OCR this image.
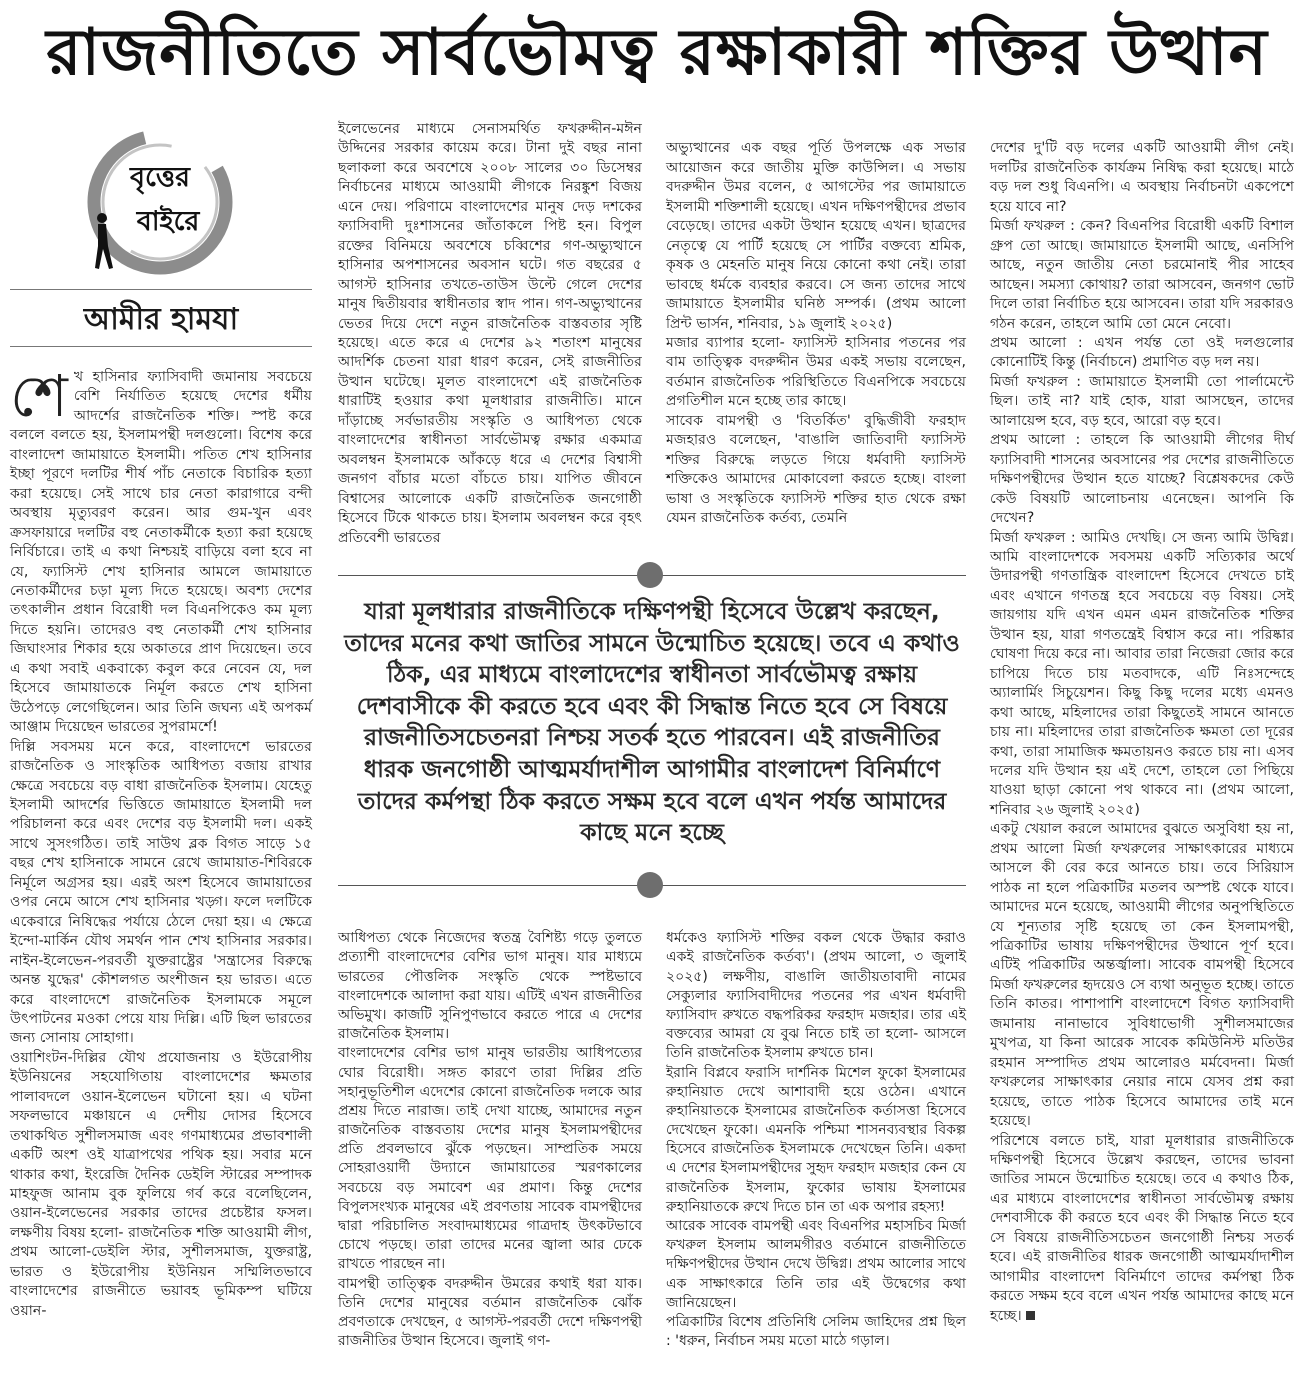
রাজনীতিতে সার্বভৌমত্ব রক্ষাকারী শক্তির উত্থান
বৃত্তের
বাইরে
আমীর হামযা

শেখ হাসিনার ফ্যাসিবাদী জমানায় সবচেয়ে বেশি নির্যাতিত হয়েছে দেশের ধর্মীয় আদর্শের রাজনৈতিক শক্তি। স্পষ্ট করে বললে বলতে হয়, ইসলামপন্থী দলগুলো। বিশেষ করে বাংলাদেশ জামায়াতে ইসলামী। পতিত শেখ হাসিনার ইচ্ছা পূরণে দলটির শীর্ষ পাঁচ নেতাকে বিচারিক হত্যা করা হয়েছে। সেই সাথে চার নেতা কারাগারে বন্দী অবস্থায় মৃত্যুবরণ করেন। আর গুম-খুন এবং ক্রসফায়ারে দলটির বহু নেতাকর্মীকে হত্যা করা হয়েছে নির্বিচারে। তাই এ কথা নিশ্চয়ই বাড়িয়ে বলা হবে না যে, ফ্যাসিস্ট শেখ হাসিনার আমলে জামায়াতে নেতাকর্মীদের চড়া মূল্য দিতে হয়েছে। অবশ্য দেশের তৎকালীন প্রধান বিরোধী দল বিএনপিকেও কম মূল্য দিতে হয়নি। তাদেরও বহু নেতাকর্মী শেখ হাসিনার জিঘাংসার শিকার হয়ে অকাতরে প্রাণ দিয়েছেন। তবে এ কথা সবাই একবাক্যে কবুল করে নেবেন যে, দল হিসেবে জামায়াতকে নির্মূল করতে শেখ হাসিনা উঠেপড়ে লেগেছিলেন। আর তিনি জঘন্য এই অপকর্ম আঞ্জাম দিয়েছেন ভারতের সুপরামর্শে!

দিল্লি সবসময় মনে করে, বাংলাদেশে ভারতের রাজনৈতিক ও সাংস্কৃতিক আধিপত্য বজায় রাখার ক্ষেত্রে সবচেয়ে বড় বাধা রাজনৈতিক ইসলাম। যেহেতু ইসলামী আদর্শের ভিত্তিতে জামায়াতে ইসলামী দল পরিচালনা করে এবং দেশের বড় ইসলামী দল। একই সাথে সুসংগঠিত। তাই সাউথ ব্লক বিগত সাড়ে ১৫ বছর শেখ হাসিনাকে সামনে রেখে জামায়াত-শিবিরকে নির্মূলে অগ্রসর হয়। এরই অংশ হিসেবে জামায়াতের ওপর নেমে আসে শেখ হাসিনার খড়্গ। ফলে দলটিকে একেবারে নিষিদ্ধের পর্যায়ে ঠেলে দেয়া হয়। এ ক্ষেত্রে ইন্দো-মার্কিন যৌথ সমর্থন পান শেখ হাসিনার সরকার। নাইন-ইলেভেন-পরবর্তী যুক্তরাষ্ট্রের 'সন্ত্রাসের বিরুদ্ধে অনন্ত যুদ্ধের' কৌশলগত অংশীজন হয় ভারত। এতে করে বাংলাদেশে রাজনৈতিক ইসলামকে সমূলে উৎপাটনের মওকা পেয়ে যায় দিল্লি। এটি ছিল ভারতের জন্য সোনায় সোহাগা।

ওয়াশিংটন-দিল্লির যৌথ প্রযোজনায় ও ইউরোপীয় ইউনিয়নের সহযোগিতায় বাংলাদেশের ক্ষমতার পালাবদলে ওয়ান-ইলেভেন ঘটানো হয়। এ ঘটনা সফলভাবে মঞ্চায়নে এ দেশীয় দোসর হিসেবে তথাকথিত সুশীলসমাজ এবং গণমাধ্যমের প্রভাবশালী একটি অংশ ওই যাত্রাপথের পথিক হয়। সবার মনে থাকার কথা, ইংরেজি দৈনিক ডেইলি স্টারের সম্পাদক মাহফুজ আনাম বুক ফুলিয়ে গর্ব করে বলেছিলেন, ওয়ান-ইলেভেনের সরকার তাদের প্রচেষ্টার ফসল। লক্ষণীয় বিষয় হলো- রাজনৈতিক শক্তি আওয়ামী লীগ, প্রথম আলো-ডেইলি স্টার, সুশীলসমাজ, যুক্তরাষ্ট্র, ভারত ও ইউরোপীয় ইউনিয়ন সম্মিলিতভাবে বাংলাদেশের রাজনীতে ভয়াবহ ভূমিকম্প ঘটিয়ে ওয়ান-

ইলেভেনের মাধ্যমে সেনাসমর্থিত ফখরুদ্দীন-মঈন উদ্দিনের সরকার কায়েম করে। টানা দুই বছর নানা ছলাকলা করে অবশেষে ২০০৮ সালের ৩০ ডিসেম্বর নির্বাচনের মাধ্যমে আওয়ামী লীগকে নিরঙ্কুশ বিজয় এনে দেয়। পরিণামে বাংলাদেশের মানুষ দেড় দশকের ফ্যাসিবাদী দুঃশাসনের জাঁতাকলে পিষ্ট হন। বিপুল রক্তের বিনিময়ে অবশেষে চব্বিশের গণ-অভ্যুত্থানে হাসিনার অপশাসনের অবসান ঘটে। গত বছরের ৫ আগস্ট হাসিনার তখতে-তাউস উল্টে গেলে দেশের মানুষ দ্বিতীয়বার স্বাধীনতার স্বাদ পান। গণ-অভ্যুত্থানের ভেতর দিয়ে দেশে নতুন রাজনৈতিক বাস্তবতার সৃষ্টি হয়েছে। এতে করে এ দেশের ৯২ শতাংশ মানুষের আদর্শিক চেতনা যারা ধারণ করেন, সেই রাজনীতির উত্থান ঘটেছে। মূলত বাংলাদেশে এই রাজনৈতিক ধারাটিই হওয়ার কথা মূলধারার রাজনীতি। মানে দাঁড়াচ্ছে সর্বভারতীয় সংস্কৃতি ও আধিপত্য থেকে বাংলাদেশের স্বাধীনতা সার্বভৌমত্ব রক্ষার একমাত্র অবলম্বন ইসলামকে আঁকড়ে ধরে এ দেশের বিশ্বাসী জনগণ বাঁচার মতো বাঁচতে চায়। যাপিত জীবনে বিশ্বাসের আলোকে একটি রাজনৈতিক জনগোষ্ঠী হিসেবে টিকে থাকতে চায়। ইসলাম অবলম্বন করে বৃহৎ প্রতিবেশী ভারতের

অভ্যুত্থানের এক বছর পূর্তি উপলক্ষে এক সভার আয়োজন করে জাতীয় মুক্তি কাউন্সিল। এ সভায় বদরুদ্দীন উমর বলেন, ৫ আগস্টের পর জামায়াতে ইসলামী শক্তিশালী হয়েছে। এখন দক্ষিণপন্থীদের প্রভাব বেড়েছে। তাদের একটা উত্থান হয়েছে এখন। ছাত্রদের নেতৃত্বে যে পার্টি হয়েছে সে পার্টির বক্তব্যে শ্রমিক, কৃষক ও মেহনতি মানুষ নিয়ে কোনো কথা নেই। তারা ভাবছে ধর্মকে ব্যবহার করবে। সে জন্য তাদের সাথে জামায়াতে ইসলামীর ঘনিষ্ঠ সম্পর্ক। (প্রথম আলো প্রিন্ট ভার্সন, শনিবার, ১৯ জুলাই ২০২৫)
মজার ব্যাপার হলো- ফ্যাসিস্ট হাসিনার পতনের পর বাম তাত্ত্বিক বদরুদ্দীন উমর একই সভায় বলেছেন, বর্তমান রাজনৈতিক পরিস্থিতিতে বিএনপিকে সবচেয়ে প্রগতিশীল মনে হচ্ছে তার কাছে।
সাবেক বামপন্থী ও 'বিতর্কিত' বুদ্ধিজীবী ফরহাদ মজহারও বলেছেন, 'বাঙালি জাতিবাদী ফ্যাসিস্ট শক্তির বিরুদ্ধে লড়তে গিয়ে ধর্মবাদী ফ্যাসিস্ট শক্তিকেও আমাদের মোকাবেলা করতে হচ্ছে। বাংলা ভাষা ও সংস্কৃতিকে ফ্যাসিস্ট শক্তির হাত থেকে রক্ষা যেমন রাজনৈতিক কর্তব্য, তেমনি

যারা মূলধারার রাজনীতিকে দক্ষিণপন্থী হিসেবে উল্লেখ করছেন, তাদের মনের কথা জাতির সামনে উন্মোচিত হয়েছে। তবে এ কথাও ঠিক, এর মাধ্যমে বাংলাদেশের স্বাধীনতা সার্বভৌমত্ব রক্ষায় দেশবাসীকে কী করতে হবে এবং কী সিদ্ধান্ত নিতে হবে সে বিষয়ে রাজনীতিসচেতনরা নিশ্চয় সতর্ক হতে পারবেন। এই রাজনীতির ধারক জনগোষ্ঠী আত্মমর্যাদাশীল আগামীর বাংলাদেশ বিনির্মাণে তাদের কর্মপন্থা ঠিক করতে সক্ষম হবে বলে এখন পর্যন্ত আমাদের কাছে মনে হচ্ছে

আধিপত্য থেকে নিজেদের স্বতন্ত্র বৈশিষ্ট্য গড়ে তুলতে প্রত্যাশী বাংলাদেশের বেশির ভাগ মানুষ। যার মাধ্যমে ভারতের পৌত্তলিক সংস্কৃতি থেকে স্পষ্টভাবে বাংলাদেশকে আলাদা করা যায়। এটিই এখন রাজনীতির অভিমুখ। কাজটি সুনিপুণভাবে করতে পারে এ দেশের রাজনৈতিক ইসলাম।
বাংলাদেশের বেশির ভাগ মানুষ ভারতীয় আধিপত্যের ঘোর বিরোধী। সঙ্গত কারণে তারা দিল্লির প্রতি সহানুভূতিশীল এদেশের কোনো রাজনৈতিক দলকে আর প্রশ্রয় দিতে নারাজ। তাই দেখা যাচ্ছে, আমাদের নতুন রাজনৈতিক বাস্তবতায় দেশের মানুষ ইসলামপন্থীদের প্রতি প্রবলভাবে ঝুঁকে পড়ছেন। সাম্প্রতিক সময়ে সোহরাওয়ার্দী উদ্যানে জামায়াতের স্মরণকালের সবচেয়ে বড় সমাবেশ এর প্রমাণ। কিন্তু দেশের বিপুলসংখ্যক মানুষের এই প্রবণতায় সাবেক বামপন্থীদের দ্বারা পরিচালিত সংবাদমাধ্যমের গাত্রদাহ উৎকটভাবে চোখে পড়ছে। তারা তাদের মনের জ্বালা আর ঢেকে রাখতে পারছেন না।
বামপন্থী তাত্ত্বিক বদরুদ্দীন উমরের কথাই ধরা যাক। তিনি দেশের মানুষের বর্তমান রাজনৈতিক ঝোঁক প্রবণতাকে দেখছেন, ৫ আগস্ট-পরবর্তী দেশে দক্ষিণপন্থী রাজনীতির উত্থান হিসেবে। জুলাই গণ-

ধর্মকেও ফ্যাসিস্ট শক্তির বকল থেকে উদ্ধার করাও একই রাজনৈতিক কর্তব্য'। (প্রথম আলো, ৩ জুলাই ২০২৫) লক্ষণীয়, বাঙালি জাতীয়তাবাদী নামের সেক্যুলার ফ্যাসিবাদীদের পতনের পর এখন ধর্মবাদী ফ্যাসিবাদ রুখতে বদ্ধপরিকর ফরহাদ মজহার। তার এই বক্তব্যের আমরা যে বুঝ নিতে চাই তা হলো- আসলে তিনি রাজনৈতিক ইসলাম রুখতে চান।
ইরানি বিপ্লবে ফরাসি দার্শনিক মিশেল ফুকো ইসলামের রুহানিয়াত দেখে আশাবাদী হয়ে ওঠেন। এখানে রুহানিয়াতকে ইসলামের রাজনৈতিক কর্তাসত্তা হিসেবে দেখেছেন ফুকো। এমনকি পশ্চিমা শাসনব্যবস্থার বিকল্প হিসেবে রাজনৈতিক ইসলামকে দেখেছেন তিনি। একদা এ দেশের ইসলামপন্থীদের সুহৃদ ফরহাদ মজহার কেন যে রাজনৈতিক ইসলাম, ফুকোর ভাষায় ইসলামের রুহানিয়াতকে রুখে দিতে চান তা এক অপার রহস্য!
আরেক সাবেক বামপন্থী এবং বিএনপির মহাসচিব মির্জা ফখরুল ইসলাম আলমগীরও বর্তমানে রাজনীতিতে দক্ষিণপন্থীদের উত্থান দেখে উদ্বিগ্ন। প্রথম আলোর সাথে এক সাক্ষাৎকারে তিনি তার এই উদ্বেগের কথা জানিয়েছেন।
পত্রিকাটির বিশেষ প্রতিনিধি সেলিম জাহিদের প্রশ্ন ছিল : 'ধরুন, নির্বাচন সময় মতো মাঠে গড়াল।

দেশের দু'টি বড় দলের একটি আওয়ামী লীগ নেই। দলটির রাজনৈতিক কার্যক্রম নিষিদ্ধ করা হয়েছে। মাঠে বড় দল শুধু বিএনপি। এ অবস্থায় নির্বাচনটা একপেশে হয়ে যাবে না?
মির্জা ফখরুল : কেন? বিএনপির বিরোধী একটি বিশাল গ্রুপ তো আছে। জামায়াতে ইসলামী আছে, এনসিপি আছে, নতুন জাতীয় নেতা চরমোনাই পীর সাহেব আছেন। সমস্যা কোথায়? তারা আসবেন, জনগণ ভোট দিলে তারা নির্বাচিত হয়ে আসবেন। তারা যদি সরকারও গঠন করেন, তাহলে আমি তো মেনে নেবো।
প্রথম আলো : এখন পর্যন্ত তো ওই দলগুলোর কোনোটিই কিন্তু (নির্বাচনে) প্রমাণিত বড় দল নয়।
মির্জা ফখরুল : জামায়াতে ইসলামী তো পার্লামেন্টে ছিল। তাই না? যাই হোক, যারা আসছেন, তাদের আলায়েন্স হবে, বড় হবে, আরো বড় হবে।
প্রথম আলো : তাহলে কি আওয়ামী লীগের দীর্ঘ ফ্যাসিবাদী শাসনের অবসানের পর দেশের রাজনীতিতে দক্ষিণপন্থীদের উত্থান হতে যাচ্ছে? বিশ্লেষকদের কেউ কেউ বিষয়টি আলোচনায় এনেছেন। আপনি কি দেখেন?
মির্জা ফখরুল : আমিও দেখছি। সে জন্য আমি উদ্বিগ্ন। আমি বাংলাদেশকে সবসময় একটি সত্যিকার অর্থে উদারপন্থী গণতান্ত্রিক বাংলাদেশ হিসেবে দেখতে চাই এবং এখানে গণতন্ত্র হবে সবচেয়ে বড় বিষয়। সেই জায়গায় যদি এখন এমন এমন রাজনৈতিক শক্তির উত্থান হয়, যারা গণতন্ত্রেই বিশ্বাস করে না। পরিষ্কার ঘোষণা দিয়ে করে না। আবার তারা নিজেরা জোর করে চাপিয়ে দিতে চায় মতবাদকে, এটি নিঃসন্দেহে অ্যালার্মিং সিচুয়েশন। কিছু কিছু দলের মধ্যে এমনও কথা আছে, মহিলাদের তারা কিছুতেই সামনে আনতে চায় না। মহিলাদের তারা রাজনৈতিক ক্ষমতা তো দূরের কথা, তারা সামাজিক ক্ষমতায়নও করতে চায় না। এসব দলের যদি উত্থান হয় এই দেশে, তাহলে তো পিছিয়ে যাওয়া ছাড়া কোনো পথ থাকবে না। (প্রথম আলো, শনিবার ২৬ জুলাই ২০২৫)
একটু খেয়াল করলে আমাদের বুঝতে অসুবিধা হয় না, প্রথম আলো মির্জা ফখরুলের সাক্ষাৎকারের মাধ্যমে আসলে কী বের করে আনতে চায়। তবে সিরিয়াস পাঠক না হলে পত্রিকাটির মতলব অস্পষ্ট থেকে যাবে। আমাদের মনে হয়েছে, আওয়ামী লীগের অনুপস্থিতিতে যে শূন্যতার সৃষ্টি হয়েছে তা কেন ইসলামপন্থী, পত্রিকাটির ভাষায় দক্ষিণপন্থীদের উত্থানে পূর্ণ হবে। এটিই পত্রিকাটির অন্তর্জ্বালা। সাবেক বামপন্থী হিসেবে মির্জা ফখরুলের হৃদয়েও সে ব্যথা অনুভূত হচ্ছে। তাতে তিনি কাতর। পাশাপাশি বাংলাদেশে বিগত ফ্যাসিবাদী জমানায় নানাভাবে সুবিধাভোগী সুশীলসমাজের মুখপত্র, যা কিনা আরেক সাবেক কমিউনিস্ট মতিউর রহমান সম্পাদিত প্রথম আলোরও মর্মবেদনা। মির্জা ফখরুলের সাক্ষাৎকার নেয়ার নামে যেসব প্রশ্ন করা হয়েছে, তাতে পাঠক হিসেবে আমাদের তাই মনে হয়েছে।
পরিশেষে বলতে চাই, যারা মূলধারার রাজনীতিকে দক্ষিণপন্থী হিসেবে উল্লেখ করছেন, তাদের ভাবনা জাতির সামনে উন্মোচিত হয়েছে। তবে এ কথাও ঠিক, এর মাধ্যমে বাংলাদেশের স্বাধীনতা সার্বভৌমত্ব রক্ষায় দেশবাসীকে কী করতে হবে এবং কী সিদ্ধান্ত নিতে হবে সে বিষয়ে রাজনীতিসচেতন জনগোষ্ঠী নিশ্চয় সতর্ক হবে। এই রাজনীতির ধারক জনগোষ্ঠী আত্মমর্যাদাশীল আগামীর বাংলাদেশ বিনির্মাণে তাদের কর্মপন্থা ঠিক করতে সক্ষম হবে বলে এখন পর্যন্ত আমাদের কাছে মনে হচ্ছে।
